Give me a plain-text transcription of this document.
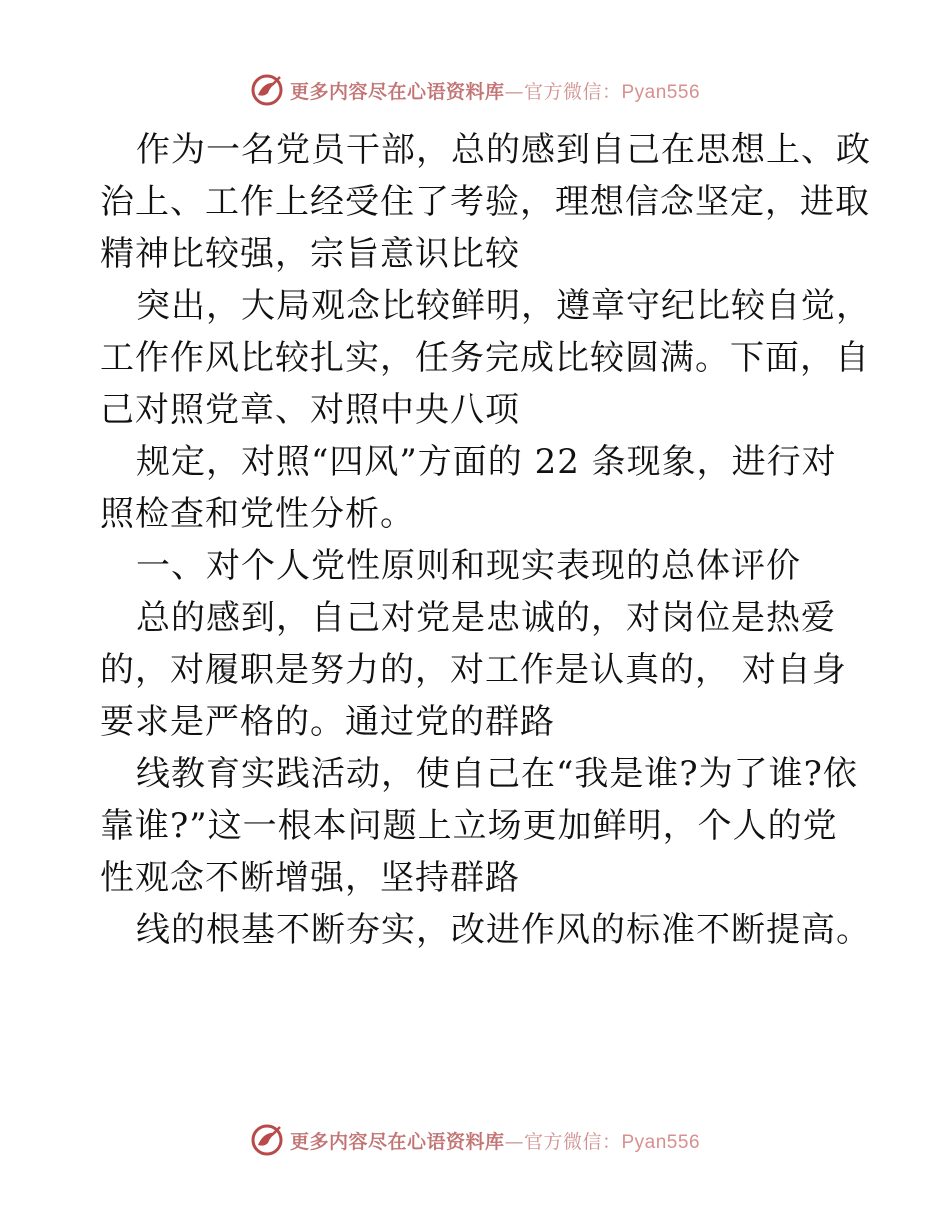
更多内容尽在心语资料库—官方微信：Pyan556
作为一名党员干部，总的感到自己在思想上、政
治上、工作上经受住了考验，理想信念坚定，进取
精神比较强，宗旨意识比较
突出，大局观念比较鲜明，遵章守纪比较自觉，
工作作风比较扎实，任务完成比较圆满。下面，自
己对照党章、对照中央八项
规定，对照“四风”方面的 22 条现象，进行对
照检查和党性分析。
一、对个人党性原则和现实表现的总体评价
总的感到，自己对党是忠诚的，对岗位是热爱
的，对履职是努力的，对工作是认真的， 对自身
要求是严格的。通过党的群路
线教育实践活动，使自己在“我是谁?为了谁?依
靠谁?”这一根本问题上立场更加鲜明，个人的党
性观念不断增强，坚持群路
线的根基不断夯实，改进作风的标准不断提高。
更多内容尽在心语资料库—官方微信：Pyan556
